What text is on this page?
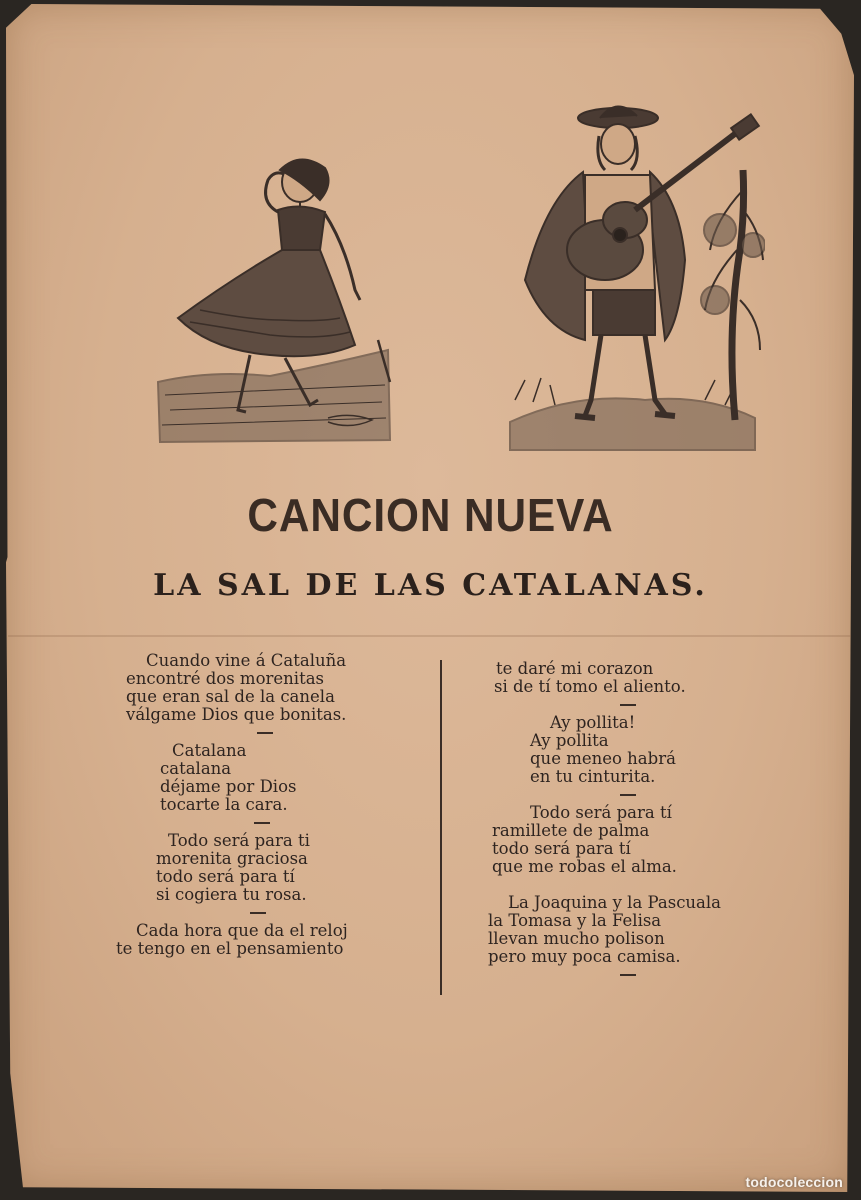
CANCION NUEVA
LA SAL DE LAS CATALANAS.

Cuando vine á Cataluña

encontré dos morenitas

que eran sal de la canela

válgame Dios que bonitas.

Catalana

catalana

déjame por Dios

tocarte la cara.

Todo será para ti

morenita graciosa

todo será para tí

si cogiera tu rosa.

Cada hora que da el reloj

te tengo en el pensamiento

te daré mi corazon

si de tí tomo el aliento.

Ay pollita!

Ay pollita

que meneo habrá

en tu cinturita.

Todo será para tí

ramillete de palma

todo será para tí

que me robas el alma.

La Joaquina y la Pascuala

la Tomasa y la Felisa

llevan mucho polison

pero muy poca camisa.

todocoleccion
